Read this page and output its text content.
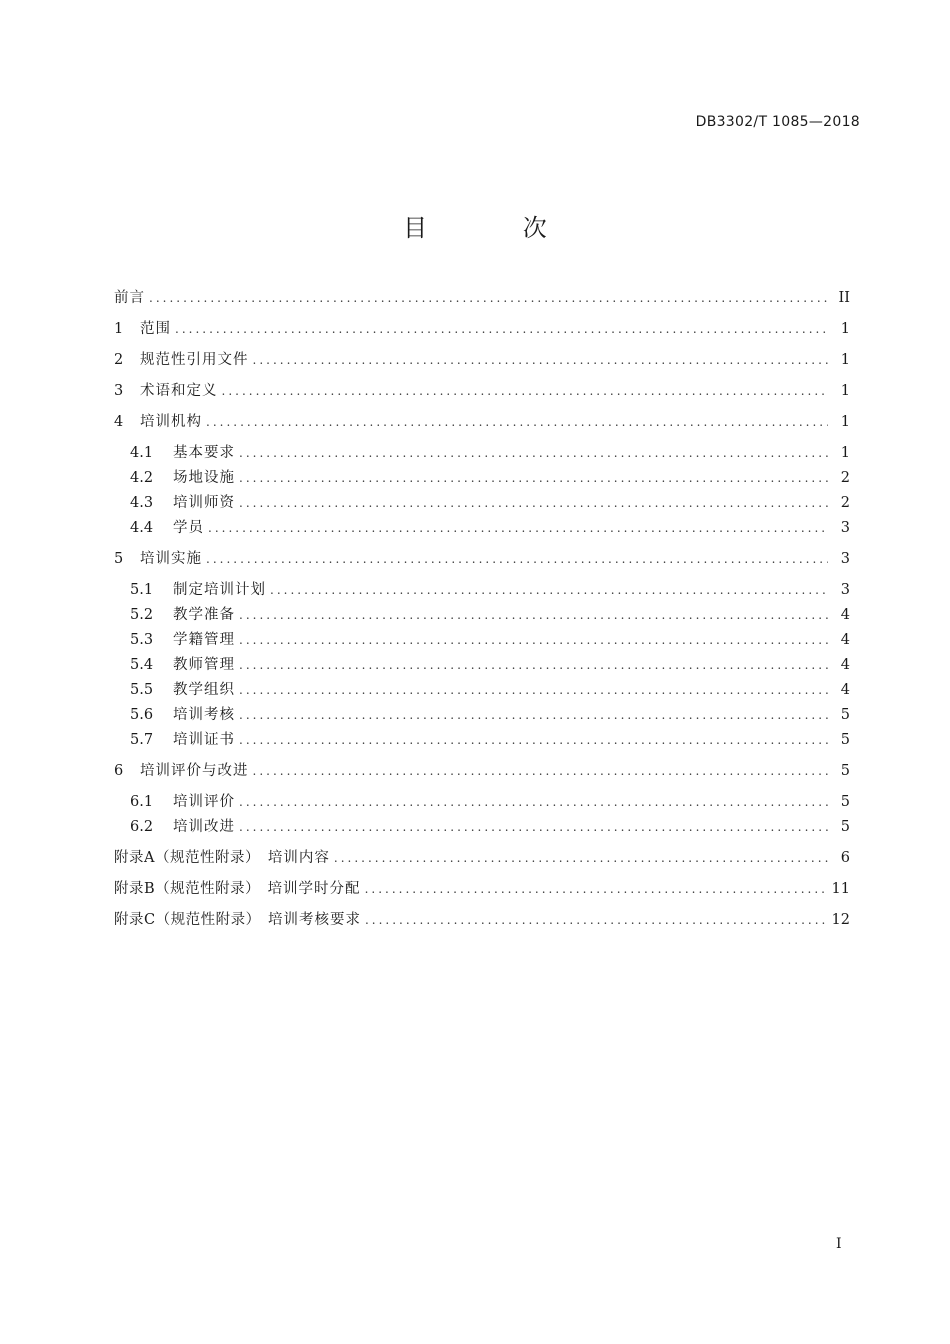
DB3302/T 1085—2018
目 次
前言 .....	II
1	范围 .....	1
2	规范性引用文件 .....	1
3	术语和定义 .....	1
4	培训机构 .....	1
4.1	基本要求 .....	1
4.2	场地设施 .....	2
4.3	培训师资 .....	2
4.4	学员 .....	3
5	培训实施 .....	3
5.1	制定培训计划 .....	3
5.2	教学准备 .....	4
5.3	学籍管理 .....	4
5.4	教师管理 .....	4
5.5	教学组织 .....	4
5.6	培训考核 .....	5
5.7	培训证书 .....	5
6	培训评价与改进 .....	5
6.1	培训评价 .....	5
6.2	培训改进 .....	5
附录A（规范性附录） 培训内容 .....	6
附录B（规范性附录） 培训学时分配 .....	11
附录C（规范性附录） 培训考核要求 .....	12
I
